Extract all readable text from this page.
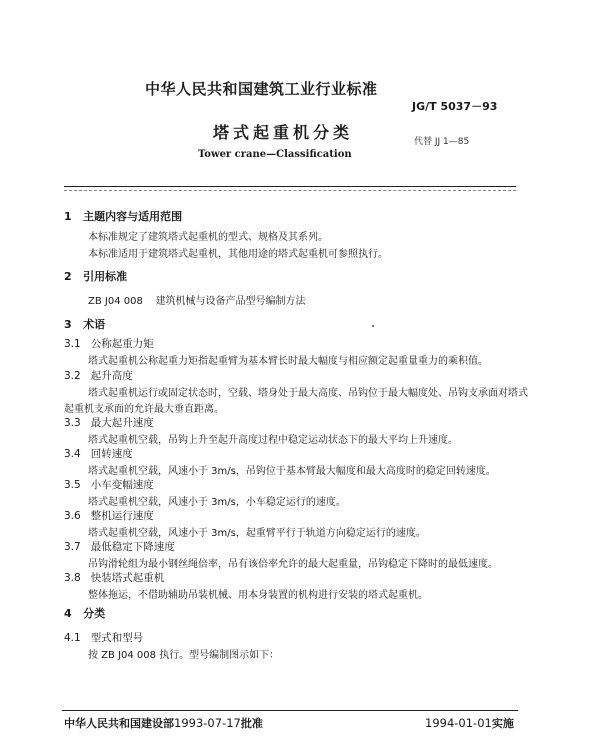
中华人民共和国建筑工业行业标准
JG/T 5037－93
塔式起重机分类	代替 JJ 1—85
Tower crane—Classification
1 主题内容与适用范围
本标准规定了建筑塔式起重机的型式、规格及其系列。
本标准适用于建筑塔式起重机，其他用途的塔式起重机可参照执行。
2 引用标准
ZB J04 008 建筑机械与设备产品型号编制方法
3 术语
3.1 公称起重力矩
塔式起重机公称起重力矩指起重臂为基本臂长时最大幅度与相应额定起重量重力的乘积值。
3.2 起升高度
塔式起重机运行或固定状态时，空载、塔身处于最大高度、吊钩位于最大幅度处、吊钩支承面对塔式
起重机支承面的允许最大垂直距离。
3.3 最大起升速度
塔式起重机空载，吊钩上升至起升高度过程中稳定运动状态下的最大平均上升速度。
3.4 回转速度
塔式起重机空载，风速小于 3m/s，吊钩位于基本臂最大幅度和最大高度时的稳定回转速度。
3.5 小车变幅速度
塔式起重机空载，风速小于 3m/s，小车稳定运行的速度。
3.6 整机运行速度
塔式起重机空载，风速小于 3m/s，起重臂平行于轨道方向稳定运行的速度。
3.7 最低稳定下降速度
吊钩滑轮组为最小钢丝绳倍率，吊有该倍率允许的最大起重量，吊钩稳定下降时的最低速度。
3.8 快装塔式起重机
整体拖运，不借助辅助吊装机械、用本身装置的机构进行安装的塔式起重机。
4 分类
4.1 型式和型号
按 ZB J04 008 执行。型号编制图示如下：
中华人民共和国建设部1993-07-17批准	1994-01-01实施
